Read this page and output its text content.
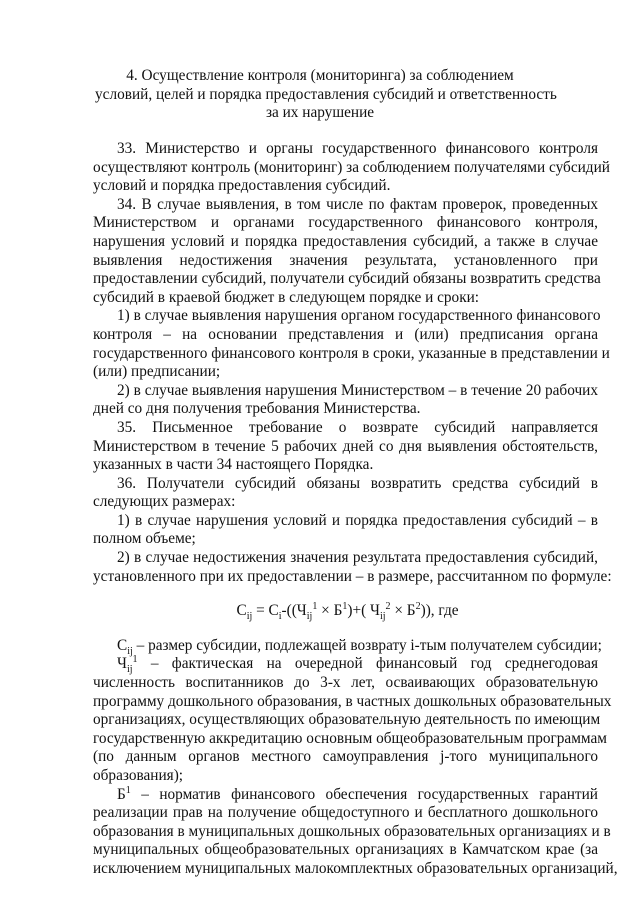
4. Осуществление контроля (мониторинга) за соблюдением
условий, целей и порядка предоставления субсидий и ответственность
за их нарушение
33. Министерство и органы государственного финансового контроля
осуществляют контроль (мониторинг) за соблюдением получателями субсидий
условий и порядка предоставления субсидий.
34. В случае выявления, в том числе по фактам проверок, проведенных
Министерством и органами государственного финансового контроля,
нарушения условий и порядка предоставления субсидий, а также в случае
выявления недостижения значения результата, установленного при
предоставлении субсидий, получатели субсидий обязаны возвратить средства
субсидий в краевой бюджет в следующем порядке и сроки:
1) в случае выявления нарушения органом государственного финансового
контроля – на основании представления и (или) предписания органа
государственного финансового контроля в сроки, указанные в представлении и
(или) предписании;
2) в случае выявления нарушения Министерством – в течение 20 рабочих
дней со дня получения требования Министерства.
35. Письменное требование о возврате субсидий направляется
Министерством в течение 5 рабочих дней со дня выявления обстоятельств,
указанных в части 34 настоящего Порядка.
36. Получатели субсидий обязаны возвратить средства субсидий в
следующих размерах:
1) в случае нарушения условий и порядка предоставления субсидий – в
полном объеме;
2) в случае недостижения значения результата предоставления субсидий,
установленного при их предоставлении – в размере, рассчитанном по формуле:
$С_{ij} = С_i-((Ч_{ij}^1 \times Б^1)+$( $Ч_{ij}^2 \times Б^2$)), где
$С_{ij}$ – размер субсидии, подлежащей возврату i-тым получателем субсидии;
$Ч_{ij}^1$ – фактическая на очередной финансовый год среднегодовая
численность воспитанников до 3-х лет, осваивающих образовательную
программу дошкольного образования, в частных дошкольных образовательных
организациях, осуществляющих образовательную деятельность по имеющим
государственную аккредитацию основным общеобразовательным программам
(по данным органов местного самоуправления j-того муниципального
образования);
$Б^1$ – норматив финансового обеспечения государственных гарантий
реализации прав на получение общедоступного и бесплатного дошкольного
образования в муниципальных дошкольных образовательных организациях и в
муниципальных общеобразовательных организациях в Камчатском крае (за
исключением муниципальных малокомплектных образовательных организаций,
